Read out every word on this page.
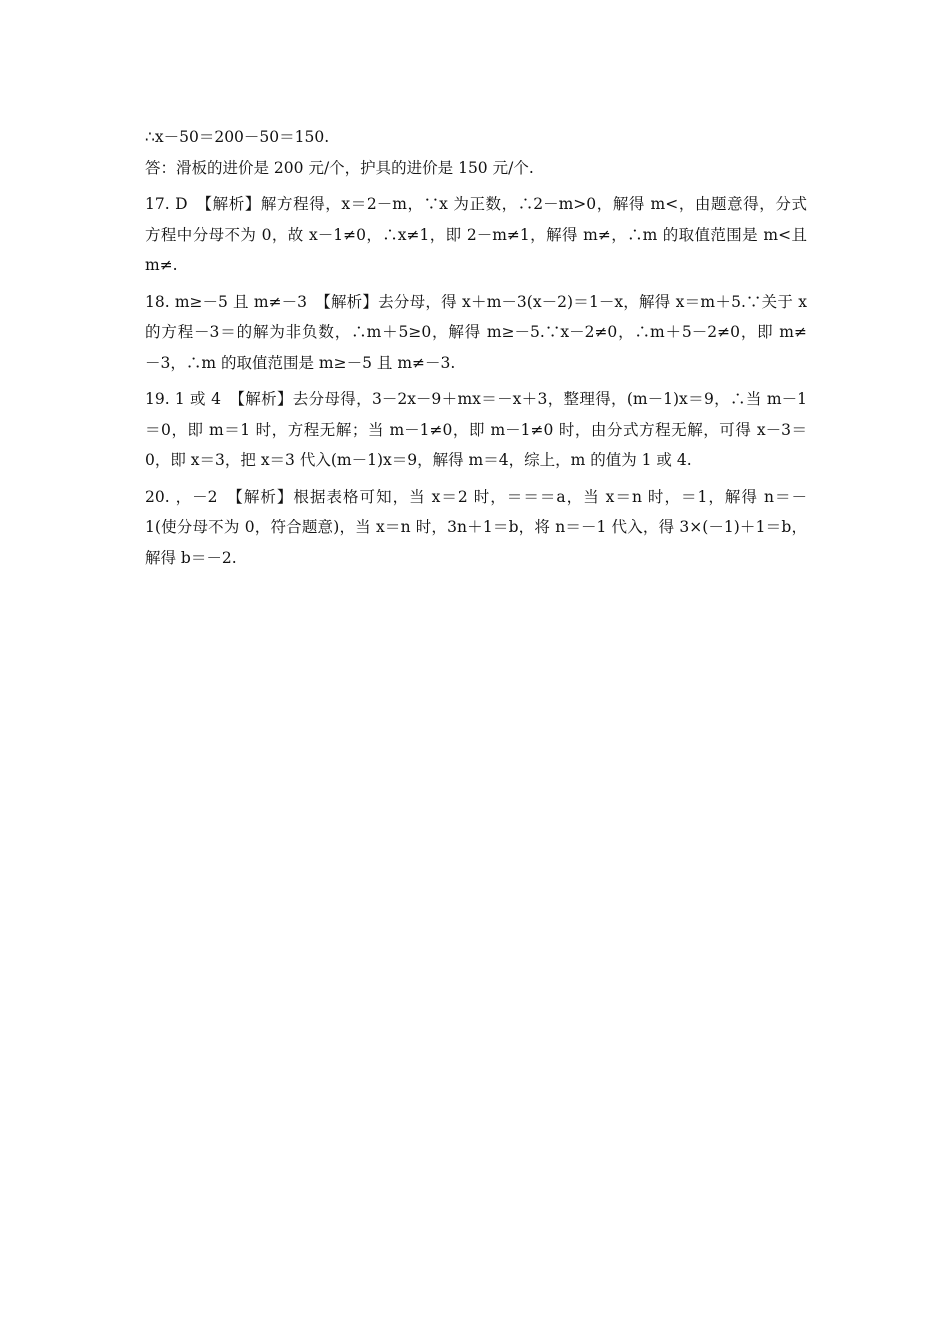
∴x－50＝200－50＝150.
答：滑板的进价是 200 元/个，护具的进价是 150 元/个.
17. D　【解析】解方程得，x＝2－m，∵x 为正数，∴2－m>0，解得 m<，由题意得，分式
方程中分母不为 0，故 x－1≠0，∴x≠1，即 2－m≠1，解得 m≠，∴m 的取值范围是 m<且
m≠.
18. m≥－5 且 m≠－3　【解析】去分母，得 x＋m－3(x－2)＝1－x，解得 x＝m＋5.∵关于 x
的方程－3＝的解为非负数，∴m＋5≥0，解得 m≥－5.∵x－2≠0，∴m＋5－2≠0，即 m≠
－3，∴m 的取值范围是 m≥－5 且 m≠－3.
19. 1 或 4　【解析】去分母得，3－2x－9＋mx＝－x＋3，整理得，(m－1)x＝9，∴当 m－1
＝0，即 m＝1 时，方程无解；当 m－1≠0，即 m－1≠0 时，由分式方程无解，可得 x－3＝
0，即 x＝3，把 x＝3 代入(m－1)x＝9，解得 m＝4，综上，m 的值为 1 或 4.
20. ，－2　【解析】根据表格可知，当 x＝2 时，＝＝＝a，当 x＝n 时，＝1，解得 n＝－
1(使分母不为 0，符合题意)，当 x＝n 时，3n＋1＝b，将 n＝－1 代入，得 3×(－1)＋1＝b，
解得 b＝－2.
